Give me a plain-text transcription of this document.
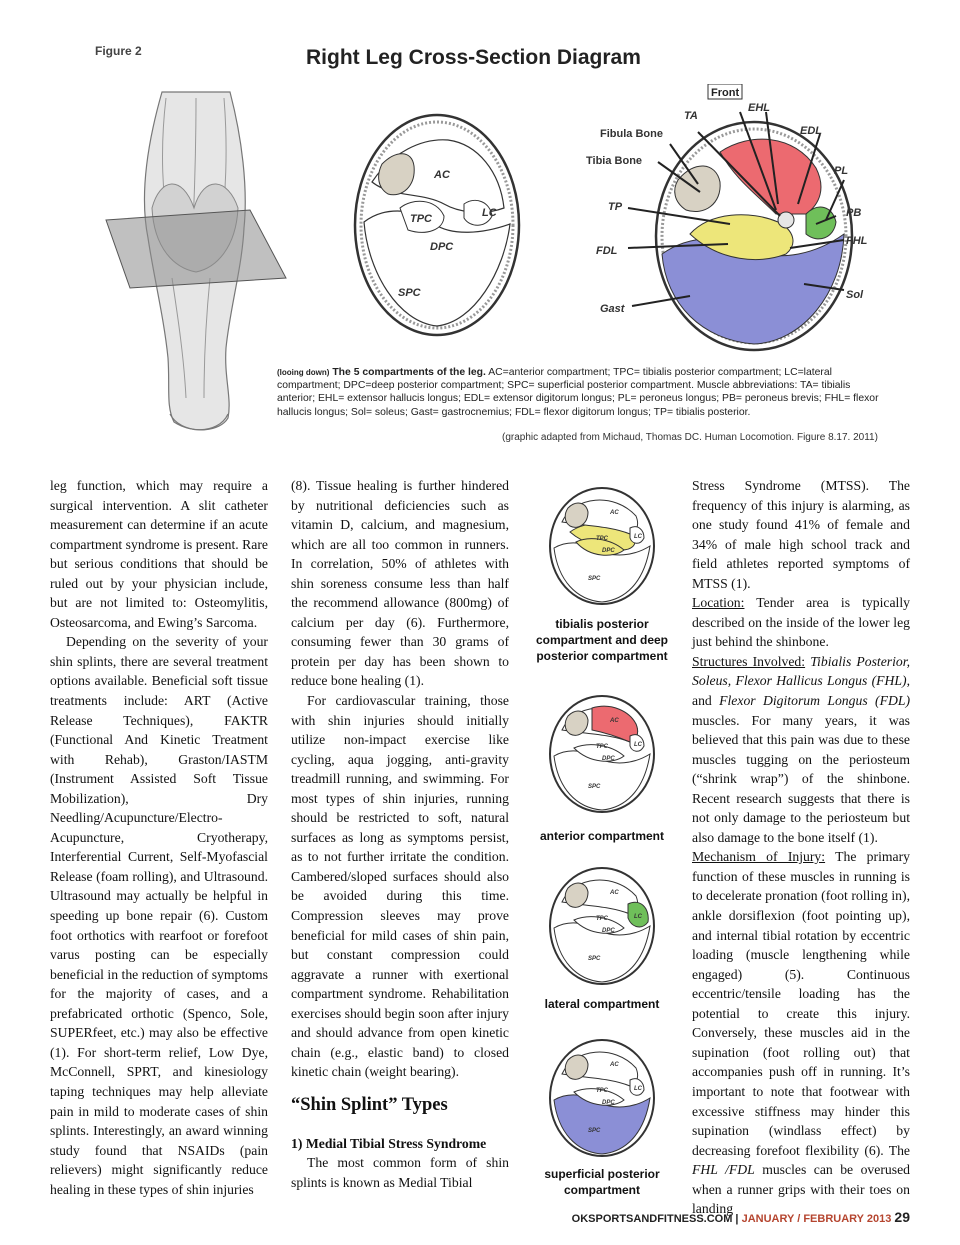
Figure 2	Right Leg Cross-Section Diagram
AC
TPC	LC
DPC
SPC
Front
TA
EHL
EDL
Fibula Bone
Tibia Bone
PL
TP	PB
FDL
FHL
Sol
Gast
(looing down) The 5 compartments of the leg. AC=anterior compartment; TPC= tibialis posterior compartment; LC=lateral compartment; DPC=deep posterior compartment; SPC= superficial posterior compartment. Muscle abbreviations: TA= tibialis anterior; EHL= extensor hallucis longus; EDL= extensor digitorum longus; PL= peroneus longus; PB= peroneus brevis; FHL= flexor hallucis longus; Sol= soleus; Gast= gastrocnemius; FDL= flexor digitorum longus; TP= tibialis posterior.
(graphic adapted from Michaud, Thomas DC. Human Locomotion. Figure 8.17. 2011)

leg function, which may require a surgical intervention. A slit catheter measurement can determine if an acute compartment syndrome is present. Rare but serious conditions that should be ruled out by your physician include, but are not limited to: Osteomylitis, Osteosarcoma, and Ewing’s Sarcoma.

Depending on the severity of your shin splints, there are several treatment options available. Beneficial soft tissue treatments include: ART (Active Release Techniques), FAKTR (Functional And Kinetic Treatment with Rehab), Graston/IASTM (Instrument Assisted Soft Tissue Mobilization), Dry Needling/Acupuncture/Electro-Acupuncture, Cryotherapy, Interferential Current, Self-Myofascial Release (foam rolling), and Ultrasound. Ultrasound may actually be helpful in speeding up bone repair (6). Custom foot orthotics with rearfoot or forefoot varus posting can be especially beneficial in the reduction of symptoms for the majority of cases, and a prefabricated orthotic (Spenco, Sole, SUPERfeet, etc.) may also be effective (1). For short-term relief, Low Dye, McConnell, SPRT, and kinesiology taping techniques may help alleviate pain in mild to moderate cases of shin splints. Interestingly, an award winning study found that NSAIDs (pain relievers) might significantly reduce healing in these types of shin injuries

(8). Tissue healing is further hindered by nutritional deficiencies such as vitamin D, calcium, and magnesium, which are all too common in runners. In correlation, 50% of athletes with shin soreness consume less than half the recommend allowance (800mg) of calcium per day (6). Furthermore, consuming fewer than 30 grams of protein per day has been shown to reduce bone healing (1).

For cardiovascular training, those with shin injuries should initially utilize non-impact exercise like cycling, aqua jogging, anti-gravity treadmill running, and swimming. For most types of shin injuries, running should be restricted to soft, natural surfaces as long as symptoms persist, as to not further irritate the condition. Cambered/sloped surfaces should also be avoided during this time. Compression sleeves may prove beneficial for mild cases of shin pain, but constant compression could aggravate a runner with exertional compartment syndrome. Rehabilitation exercises should begin soon after injury and should advance from open kinetic chain (e.g., elastic band) to closed kinetic chain (weight bearing).

“Shin Splint” Types
1) Medial Tibial Stress Syndrome

The most common form of shin splints is known as Medial Tibial

AC
TPC	LC
DPC
SPC
tibialis posterior compartment and deep posterior compartment
AC
TPC	LC
DPC
SPC
anterior compartment
AC
TPC	LC
DPC
SPC
lateral compartment
AC
TPC	LC
DPC
SPC
superficial posterior compartment

Stress Syndrome (MTSS). The frequency of this injury is alarming, as one study found 41% of female and 34% of male high school track and field athletes reported symptoms of MTSS (1).

Location: Tender area is typically described on the inside of the lower leg just behind the shinbone.

Structures Involved: Tibialis Posterior, Soleus, Flexor Hallicus Longus (FHL), and Flexor Digitorum Longus (FDL) muscles. For many years, it was believed that this pain was due to these muscles tugging on the periosteum (“shrink wrap”) of the shinbone. Recent research suggests that there is not only damage to the periosteum but also damage to the bone itself (1).

Mechanism of Injury: The primary function of these muscles in running is to decelerate pronation (foot rolling in), ankle dorsiflexion (foot pointing up), and internal tibial rotation by eccentric loading (muscle lengthening while engaged) (5). Continuous eccentric/tensile loading has the potential to create this injury. Conversely, these muscles aid in the supination (foot rolling out) that accompanies push off in running. It’s important to note that footwear with excessive stiffness may hinder this supination (windlass effect) by decreasing forefoot flexibility (6). The FHL /FDL muscles can be overused when a runner grips with their toes on landing

OKSPORTSANDFITNESS.COM | JANUARY / FEBRUARY 2013 29
